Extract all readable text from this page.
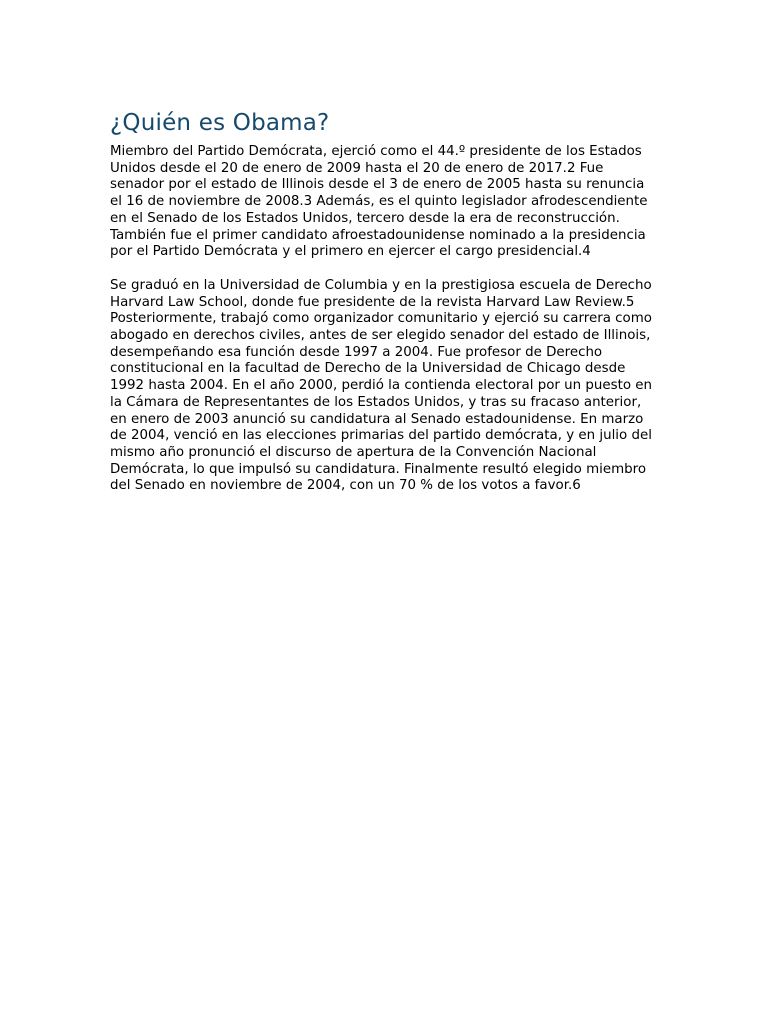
¿Quién es Obama?

Miembro del Partido Demócrata, ejerció como el 44.º presidente de los Estados Unidos desde el 20 de enero de 2009 hasta el 20 de enero de 2017.2 Fue senador por el estado de Illinois desde el 3 de enero de 2005 hasta su renuncia el 16 de noviembre de 2008.3 Además, es el quinto legislador afrodescendiente en el Senado de los Estados Unidos, tercero desde la era de reconstrucción. También fue el primer candidato afroestadounidense nominado a la presidencia por el Partido Demócrata y el primero en ejercer el cargo presidencial.4

Se graduó en la Universidad de Columbia y en la prestigiosa escuela de Derecho Harvard Law School, donde fue presidente de la revista Harvard Law Review.5 Posteriormente, trabajó como organizador comunitario y ejerció su carrera como abogado en derechos civiles, antes de ser elegido senador del estado de Illinois, desempeñando esa función desde 1997 a 2004. Fue profesor de Derecho constitucional en la facultad de Derecho de la Universidad de Chicago desde 1992 hasta 2004. En el año 2000, perdió la contienda electoral por un puesto en la Cámara de Representantes de los Estados Unidos, y tras su fracaso anterior, en enero de 2003 anunció su candidatura al Senado estadounidense. En marzo de 2004, venció en las elecciones primarias del partido demócrata, y en julio del mismo año pronunció el discurso de apertura de la Convención Nacional Demócrata, lo que impulsó su candidatura. Finalmente resultó elegido miembro del Senado en noviembre de 2004, con un 70 % de los votos a favor.6
